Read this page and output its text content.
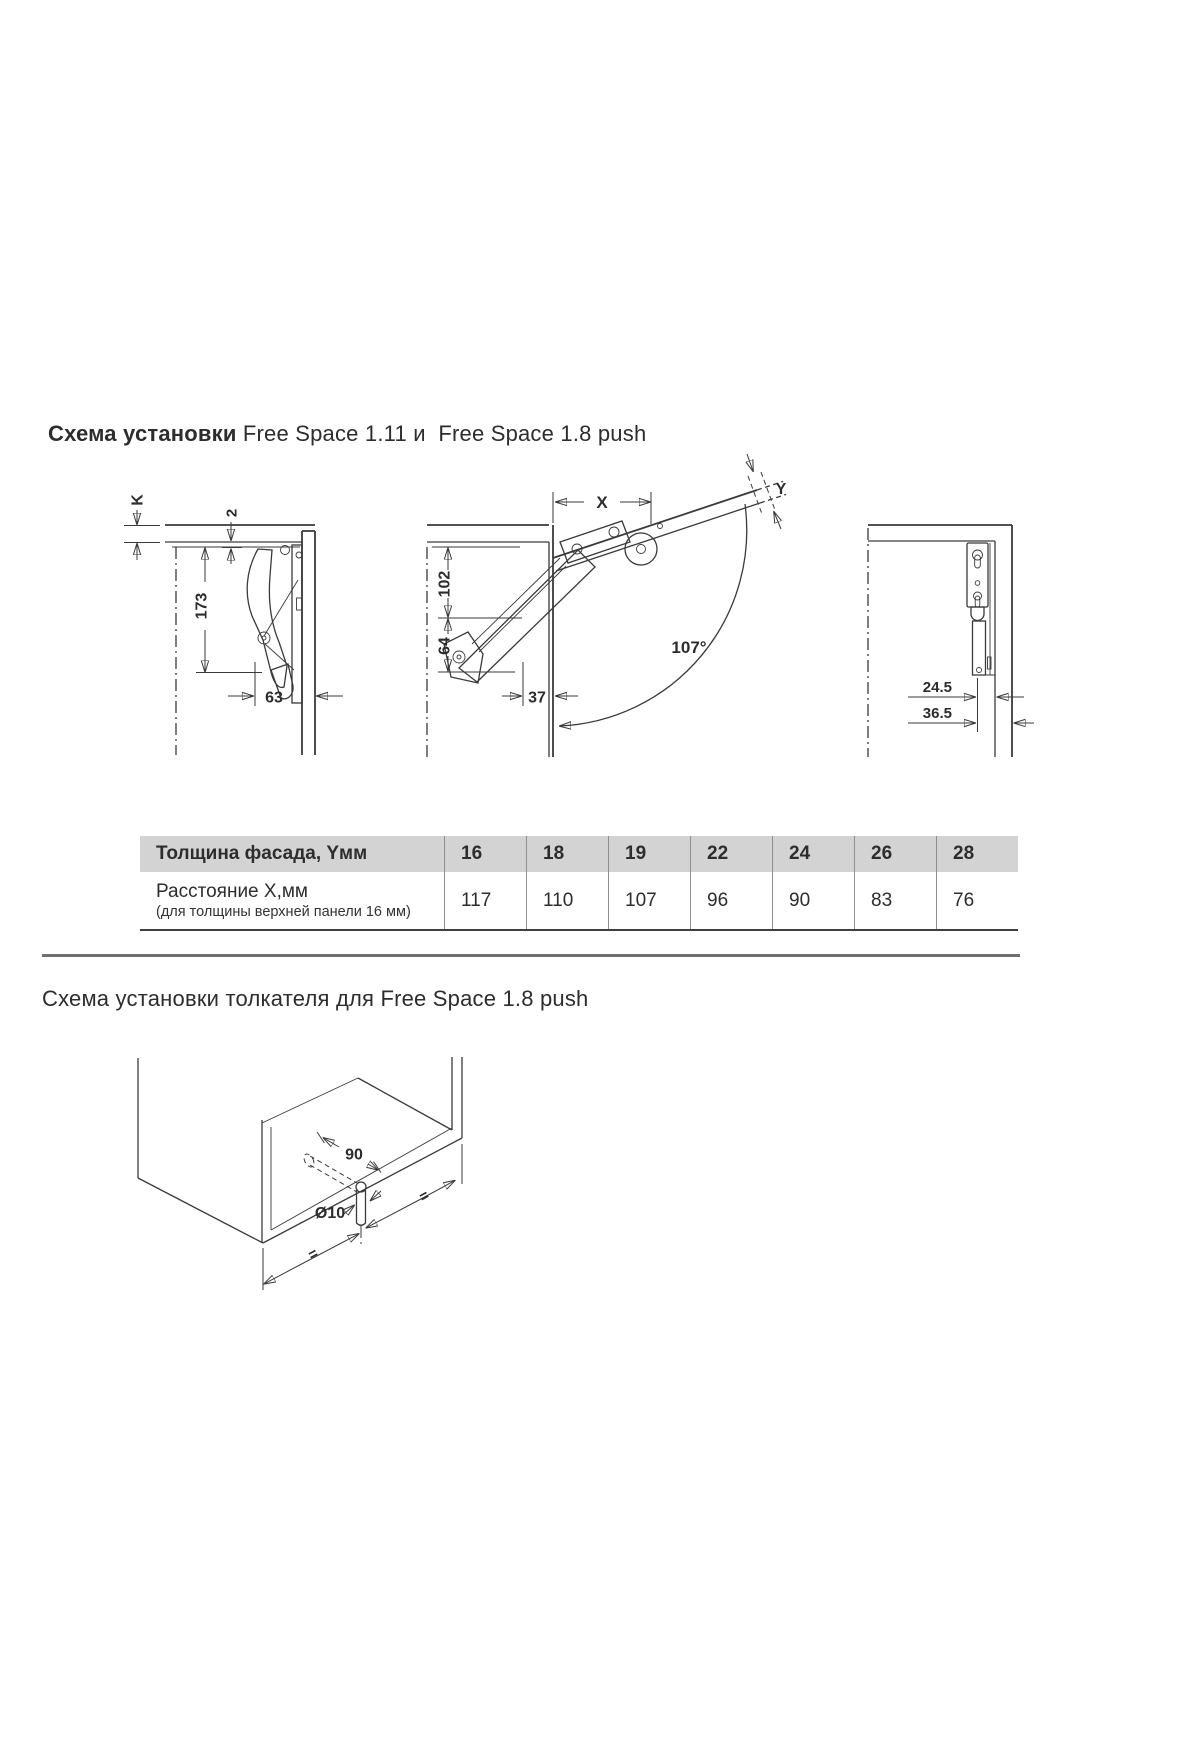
Схема установки Free Space 1.11 и  Free Space 1.8 push
K
2
173
63
X
Y
102
64
37
107°
24.5
36.5
Толщина фасада, Yмм	16	18	19	22	24	26	28
Расстояние X,мм
(для толщины верхней панели 16 мм)
117	110	107	96	90	83	76
Схема установки толкателя для Free Space 1.8 push
90
Ø10
=
=
